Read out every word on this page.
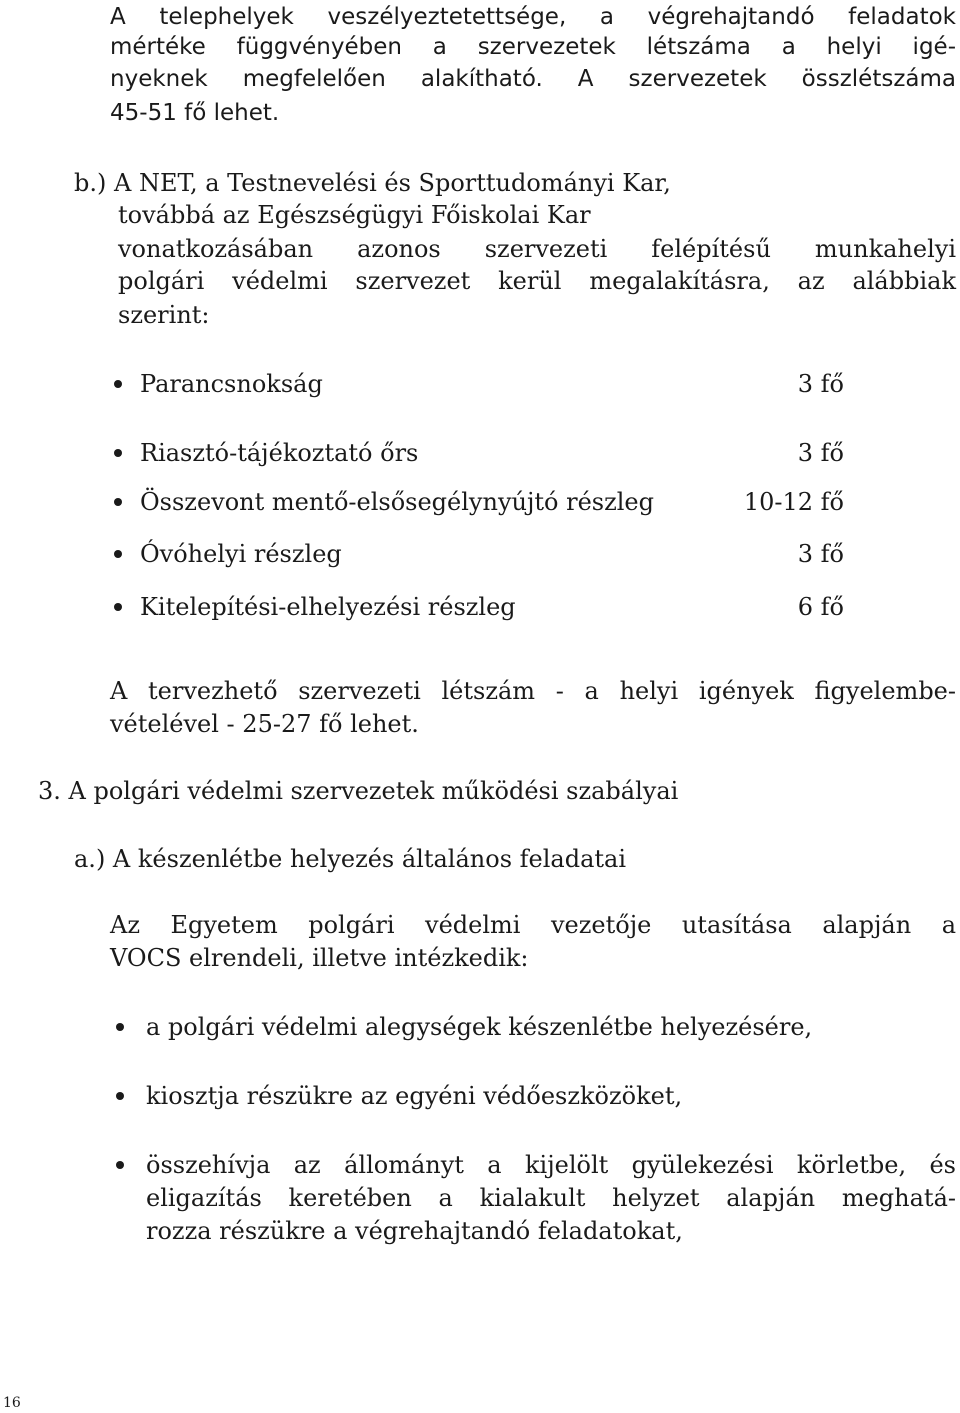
A telephelyek veszélyeztetettsége, a végrehajtandó feladatok
mértéke függvényében a szervezetek létszáma a helyi igé-
nyeknek megfelelően alakítható. A szervezetek összlétszáma
45-51 fő lehet.
b.) A NET, a Testnevelési és Sporttudományi Kar,
továbbá az Egészségügyi Főiskolai Kar
vonatkozásában azonos szervezeti felépítésű munkahelyi
polgári védelmi szervezet kerül megalakításra, az alábbiak
szerint:
Parancsnokság	3 fő
Riasztó-tájékoztató őrs	3 fő
Összevont mentő-elsősegélynyújtó részleg	10-12 fő
Óvóhelyi részleg	3 fő
Kitelepítési-elhelyezési részleg	6 fő
A tervezhető szervezeti létszám - a helyi igények figyelembe-
vételével - 25-27 fő lehet.
3. A polgári védelmi szervezetek működési szabályai
a.) A készenlétbe helyezés általános feladatai
Az Egyetem polgári védelmi vezetője utasítása alapján a
VOCS elrendeli, illetve intézkedik:
a polgári védelmi alegységek készenlétbe helyezésére,
kiosztja részükre az egyéni védőeszközöket,
összehívja az állományt a kijelölt gyülekezési körletbe, és
eligazítás keretében a kialakult helyzet alapján meghatá-
rozza részükre a végrehajtandó feladatokat,
16
